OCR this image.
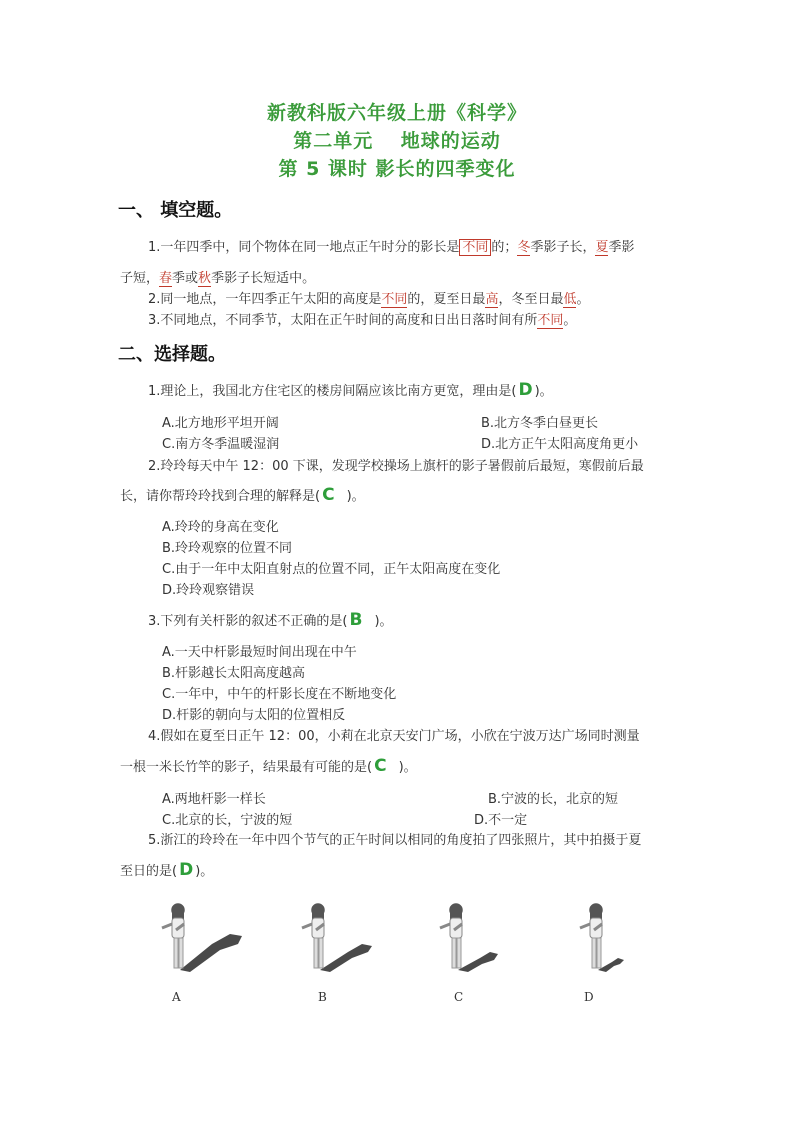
新教科版六年级上册《科学》
第二单元　 地球的运动
第 5 课时 影长的四季变化
一、 填空题。
1.一年四季中，同个物体在同一地点正午时分的影长是 不同 的；冬季影子长，夏季影
子短，春季或秋季影子长短适中。
2.同一地点，一年四季正午太阳的高度是不同的，夏至日最高，冬至日最低。
3.不同地点，不同季节，太阳在正午时间的高度和日出日落时间有所不同。
二、选择题。
1.理论上，我国北方住宅区的楼房间隔应该比南方更宽，理由是( D )。
A.北方地形平坦开阔	B.北方冬季白昼更长
C.南方冬季温暖湿润	D.北方正午太阳高度角更小
2.玲玲每天中午 12：00 下课，发现学校操场上旗杆的影子暑假前后最短，寒假前后最
长，请你帮玲玲找到合理的解释是( C )。
A.玲玲的身高在变化
B.玲玲观察的位置不同
C.由于一年中太阳直射点的位置不同，正午太阳高度在变化
D.玲玲观察错误
3.下列有关杆影的叙述不正确的是( B )。
A.一天中杆影最短时间出现在中午
B.杆影越长太阳高度越高
C.一年中，中午的杆影长度在不断地变化
D.杆影的朝向与太阳的位置相反
4.假如在夏至日正午 12：00，小莉在北京天安门广场，小欣在宁波万达广场同时测量
一根一米长竹竿的影子，结果最有可能的是( C )。
A.两地杆影一样长	B.宁波的长，北京的短
C.北京的长，宁波的短	D.不一定
5.浙江的玲玲在一年中四个节气的正午时间以相同的角度拍了四张照片，其中拍摄于夏
至日的是( D )。
A	B	C	D
